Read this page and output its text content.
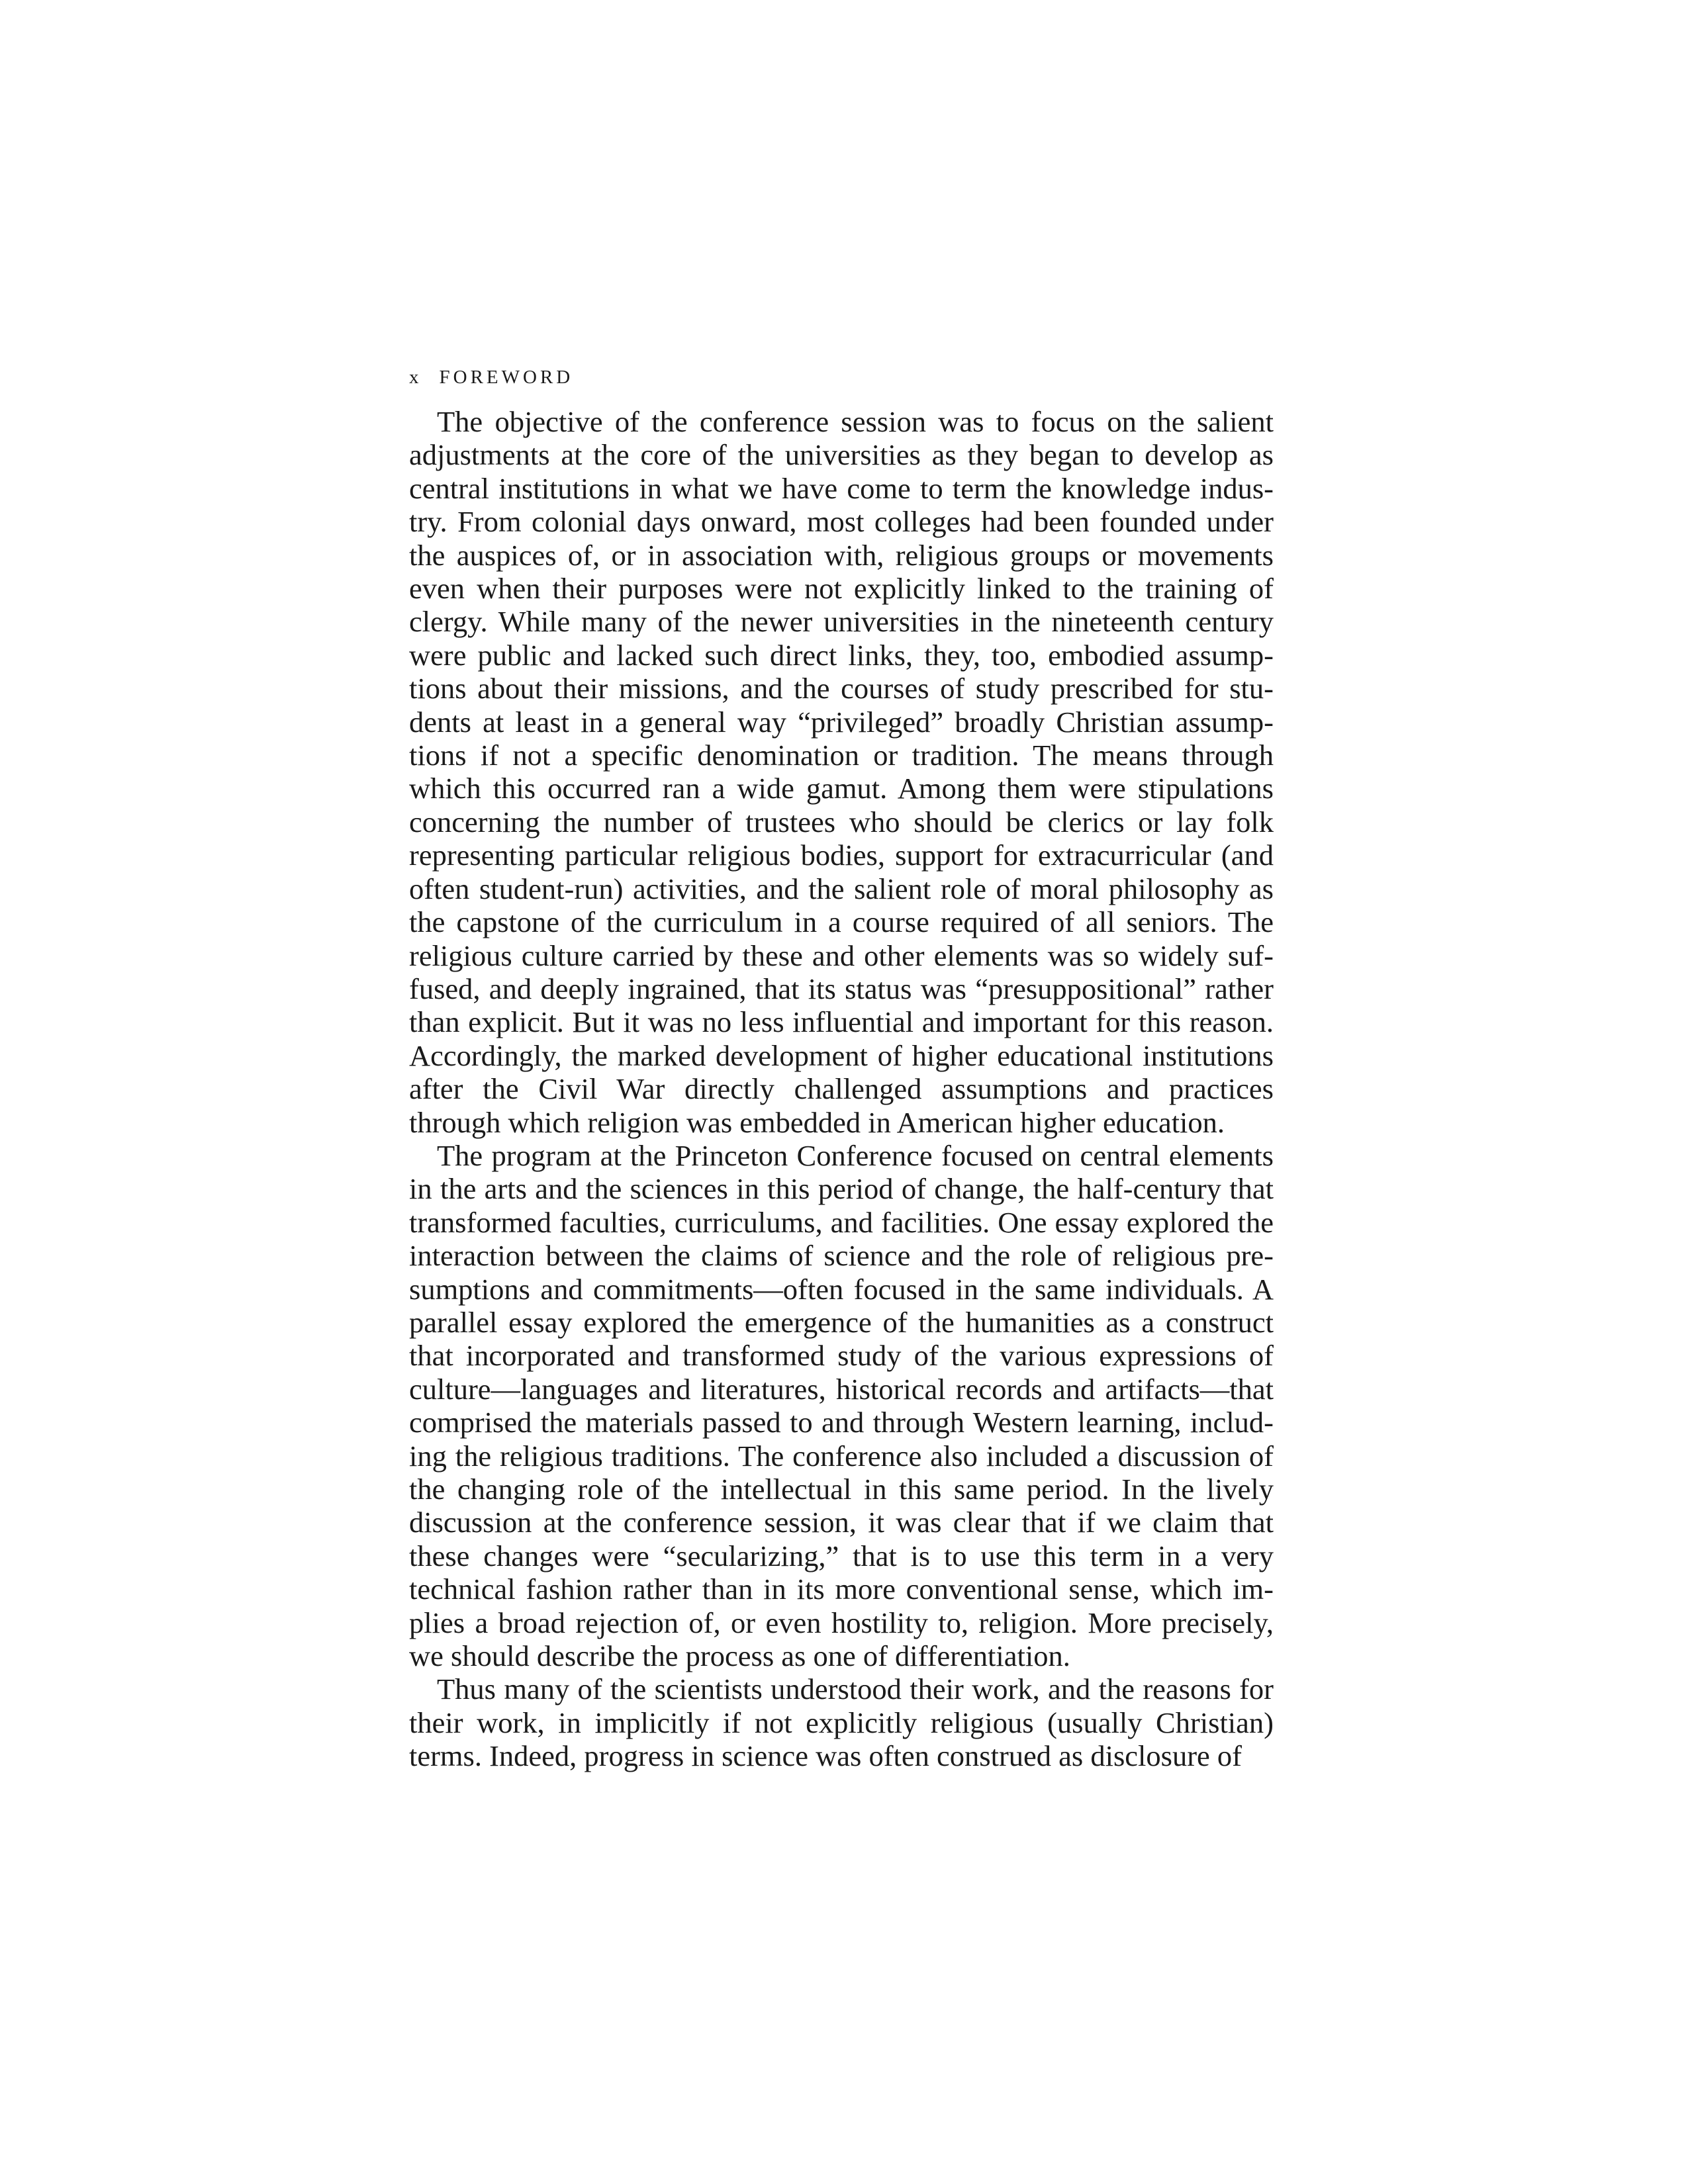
x FOREWORD

The objective of the conference session was to focus on the salient adjustments at the core of the universities as they began to develop as central institutions in what we have come to term the knowledge industry. From colonial days onward, most colleges had been founded under the auspices of, or in association with, religious groups or movements even when their purposes were not explicitly linked to the training of clergy. While many of the newer universities in the nineteenth century were public and lacked such direct links, they, too, embodied assumptions about their missions, and the courses of study prescribed for students at least in a general way “privileged” broadly Christian assumptions if not a specific denomination or tradition. The means through which this occurred ran a wide gamut. Among them were stipulations concerning the number of trustees who should be clerics or lay folk representing particular religious bodies, support for extracurricular (and often student-run) activities, and the salient role of moral philosophy as the capstone of the curriculum in a course required of all seniors. The religious culture carried by these and other elements was so widely suffused, and deeply ingrained, that its status was “presuppositional” rather than explicit. But it was no less influential and important for this reason. Accordingly, the marked development of higher educational institutions after the Civil War directly challenged assumptions and practices through which religion was embedded in American higher education.

The program at the Princeton Conference focused on central elements in the arts and the sciences in this period of change, the half-century that transformed faculties, curriculums, and facilities. One essay explored the interaction between the claims of science and the role of religious presumptions and commitments—often focused in the same individuals. A parallel essay explored the emergence of the humanities as a construct that incorporated and transformed study of the various expressions of culture—languages and literatures, historical records and artifacts—that comprised the materials passed to and through Western learning, including the religious traditions. The conference also included a discussion of the changing role of the intellectual in this same period. In the lively discussion at the conference session, it was clear that if we claim that these changes were “secularizing,” that is to use this term in a very technical fashion rather than in its more conventional sense, which implies a broad rejection of, or even hostility to, religion. More precisely, we should describe the process as one of differentiation.

Thus many of the scientists understood their work, and the reasons for their work, in implicitly if not explicitly religious (usually Christian) terms. Indeed, progress in science was often construed as disclosure of
